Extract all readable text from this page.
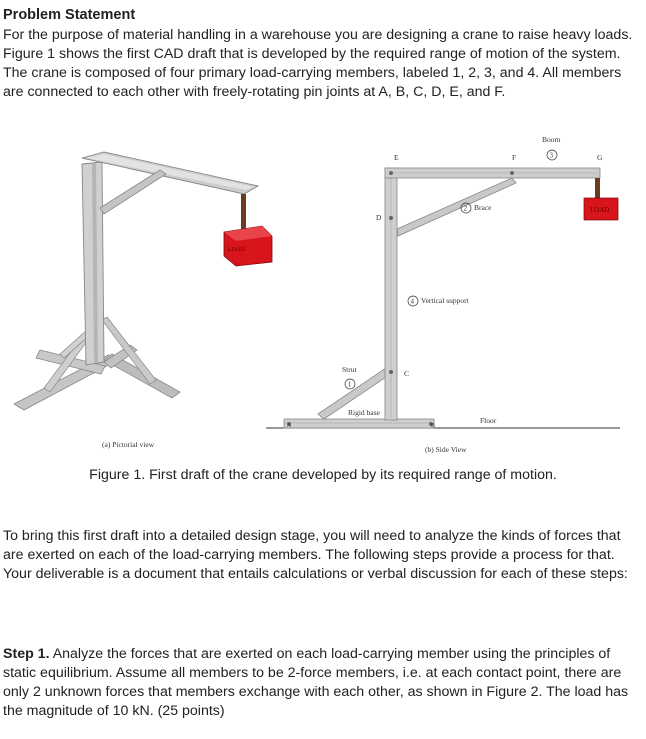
Problem Statement
For the purpose of material handling in a warehouse you are designing a crane to raise heavy loads. Figure 1 shows the first CAD draft that is developed by the required range of motion of the system. The crane is composed of four primary load-carrying members, labeled 1, 2, 3, and 4. All members are connected to each other with freely-rotating pin joints at A, B, C, D, E, and F.
LOAD
(a) Pictorial view
LOAD
E	F	G
D
C
A	B
Boom
3
2 Brace
4 Vertical support
Strut
1
Rigid base
Floor
(b) Side View
Figure 1. First draft of the crane developed by its required range of motion.
To bring this first draft into a detailed design stage, you will need to analyze the kinds of forces that are exerted on each of the load-carrying members. The following steps provide a process for that. Your deliverable is a document that entails calculations or verbal discussion for each of these steps:
Step 1. Analyze the forces that are exerted on each load-carrying member using the principles of static equilibrium. Assume all members to be 2-force members, i.e. at each contact point, there are only 2 unknown forces that members exchange with each other, as shown in Figure 2. The load has the magnitude of 10 kN. (25 points)
